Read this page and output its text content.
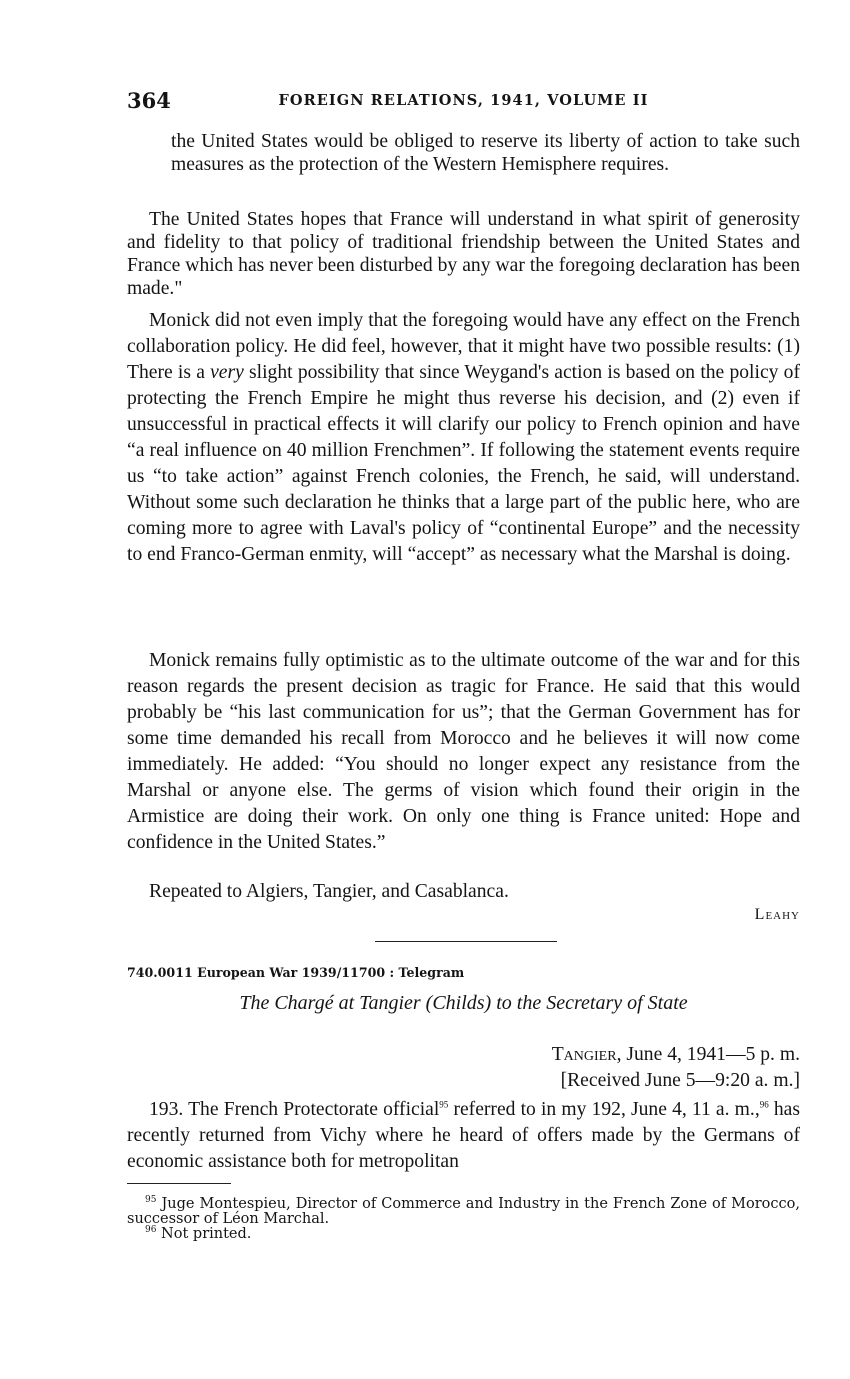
364	FOREIGN RELATIONS, 1941, VOLUME II
the United States would be obliged to reserve its liberty of action to take such measures as the protection of the Western Hemisphere requires.
The United States hopes that France will understand in what spirit of generosity and fidelity to that policy of traditional friendship between the United States and France which has never been disturbed by any war the foregoing declaration has been made."
Monick did not even imply that the foregoing would have any effect on the French collaboration policy. He did feel, however, that it might have two possible results: (1) There is a very slight possibility that since Weygand's action is based on the policy of protecting the French Empire he might thus reverse his decision, and (2) even if unsuccessful in practical effects it will clarify our policy to French opinion and have “a real influence on 40 million Frenchmen”. If following the statement events require us “to take action” against French colonies, the French, he said, will understand. Without some such declaration he thinks that a large part of the public here, who are coming more to agree with Laval's policy of “continental Europe” and the necessity to end Franco-German enmity, will “accept” as necessary what the Marshal is doing.
Monick remains fully optimistic as to the ultimate outcome of the war and for this reason regards the present decision as tragic for France. He said that this would probably be “his last communication for us”; that the German Government has for some time demanded his recall from Morocco and he believes it will now come immediately. He added: “You should no longer expect any resistance from the Marshal or anyone else. The germs of vision which found their origin in the Armistice are doing their work. On only one thing is France united: Hope and confidence in the United States.”
Repeated to Algiers, Tangier, and Casablanca.
Leahy
740.0011 European War 1939/11700 : Telegram
The Chargé at Tangier (Childs) to the Secretary of State
Tangier, June 4, 1941—5 p. m.
[Received June 5—9:20 a. m.]
193. The French Protectorate official$^{95}$ referred to in my 192, June 4, 11 a. m.,$^{96}$ has recently returned from Vichy where he heard of offers made by the Germans of economic assistance both for metropolitan
$^{95}$ Juge Montespieu, Director of Commerce and Industry in the French Zone of Morocco, successor of Léon Marchal.
$^{96}$ Not printed.
